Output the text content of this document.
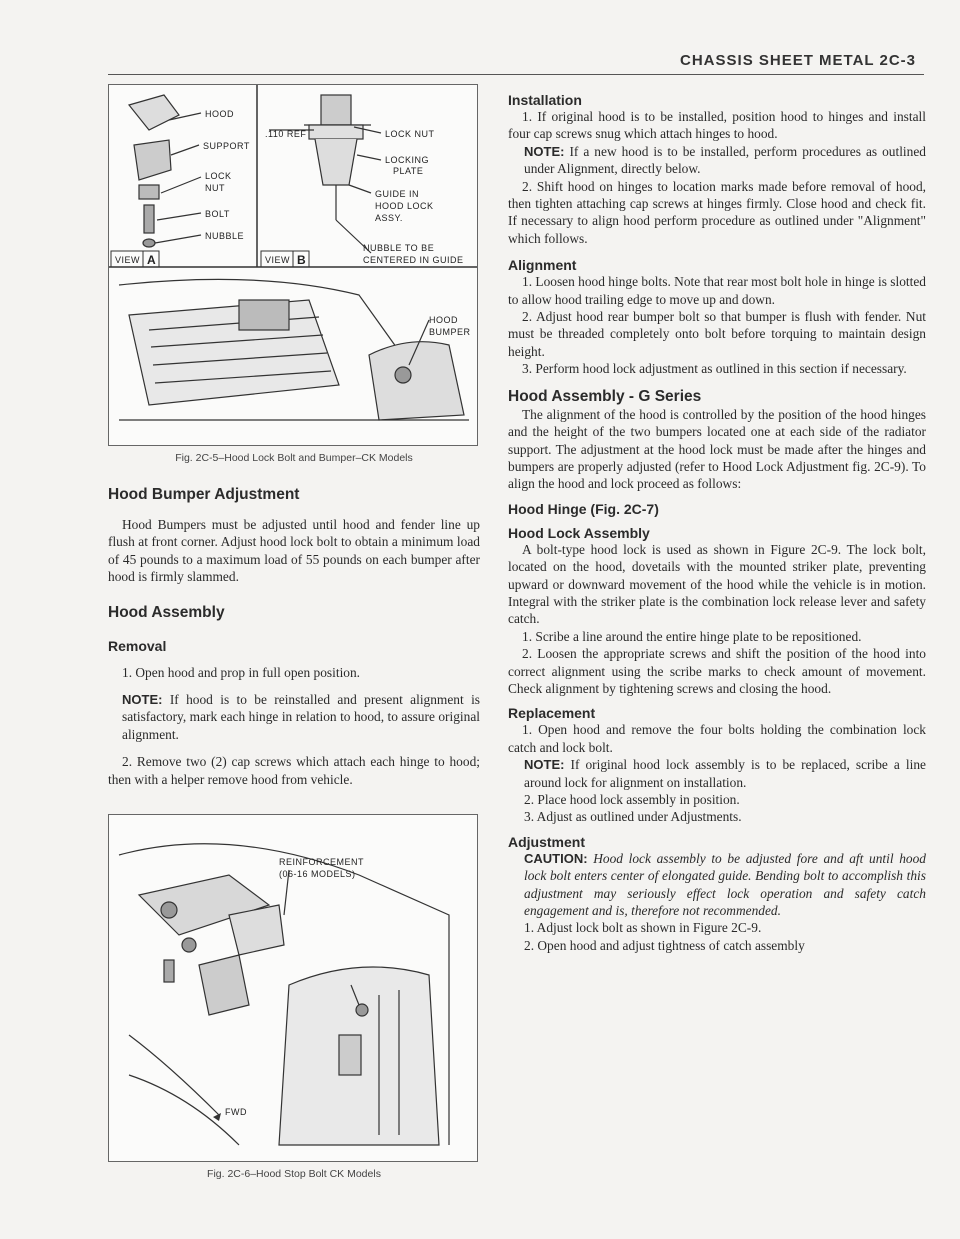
CHASSIS SHEET METAL 2C-3
HOOD
SUPPORT
LOCK
NUT
BOLT
NUBBLE
VIEW A
.110 REF	LOCK NUT
LOCKING
PLATE
GUIDE IN
HOOD LOCK
ASSY.
NUBBLE TO BE
CENTERED IN GUIDE
VIEW B
HOOD
BUMPER
Fig. 2C-5–Hood Lock Bolt and Bumper–CK Models
Hood Bumper Adjustment

Hood Bumpers must be adjusted until hood and fender line up flush at front corner. Adjust hood lock bolt to obtain a minimum load of 45 pounds to a maximum load of 55 pounds on each bumper after hood is firmly slammed.

Hood Assembly
Removal

1. Open hood and prop in full open position.

NOTE: If hood is to be reinstalled and present alignment is satisfactory, mark each hinge in relation to hood, to assure original alignment.

2. Remove two (2) cap screws which attach each hinge to hood; then with a helper remove hood from vehicle.

REINFORCEMENT
(06-16 MODELS)
FWD
Fig. 2C-6–Hood Stop Bolt CK Models
Installation

1. If original hood is to be installed, position hood to hinges and install four cap screws snug which attach hinges to hood.

NOTE: If a new hood is to be installed, perform procedures as outlined under Alignment, directly below.

2. Shift hood on hinges to location marks made before removal of hood, then tighten attaching cap screws at hinges firmly. Close hood and check fit. If necessary to align hood perform procedure as outlined under "Alignment" which follows.

Alignment

1. Loosen hood hinge bolts. Note that rear most bolt hole in hinge is slotted to allow hood trailing edge to move up and down.

2. Adjust hood rear bumper bolt so that bumper is flush with fender. Nut must be threaded completely onto bolt before torquing to maintain design height.

3. Perform hood lock adjustment as outlined in this section if necessary.

Hood Assembly - G Series

The alignment of the hood is controlled by the position of the hood hinges and the height of the two bumpers located one at each side of the radiator support. The adjustment at the hood lock must be made after the hinges and bumpers are properly adjusted (refer to Hood Lock Adjustment fig. 2C-9). To align the hood and lock proceed as follows:

Hood Hinge (Fig. 2C-7)
Hood Lock Assembly

A bolt-type hood lock is used as shown in Figure 2C-9. The lock bolt, located on the hood, dovetails with the mounted striker plate, preventing upward or downward movement of the hood while the vehicle is in motion. Integral with the striker plate is the combination lock release lever and safety catch.

1. Scribe a line around the entire hinge plate to be repositioned.

2. Loosen the appropriate screws and shift the position of the hood into correct alignment using the scribe marks to check amount of movement. Check alignment by tightening screws and closing the hood.

Replacement

1. Open hood and remove the four bolts holding the combination lock catch and lock bolt.

NOTE: If original hood lock assembly is to be replaced, scribe a line around lock for alignment on installation.

2. Place hood lock assembly in position.

3. Adjust as outlined under Adjustments.

Adjustment

CAUTION: Hood lock assembly to be adjusted fore and aft until hood lock bolt enters center of elongated guide. Bending bolt to accomplish this adjustment may seriously effect lock operation and safety catch engagement and is, therefore not recommended.

1. Adjust lock bolt as shown in Figure 2C-9.

2. Open hood and adjust tightness of catch assembly
